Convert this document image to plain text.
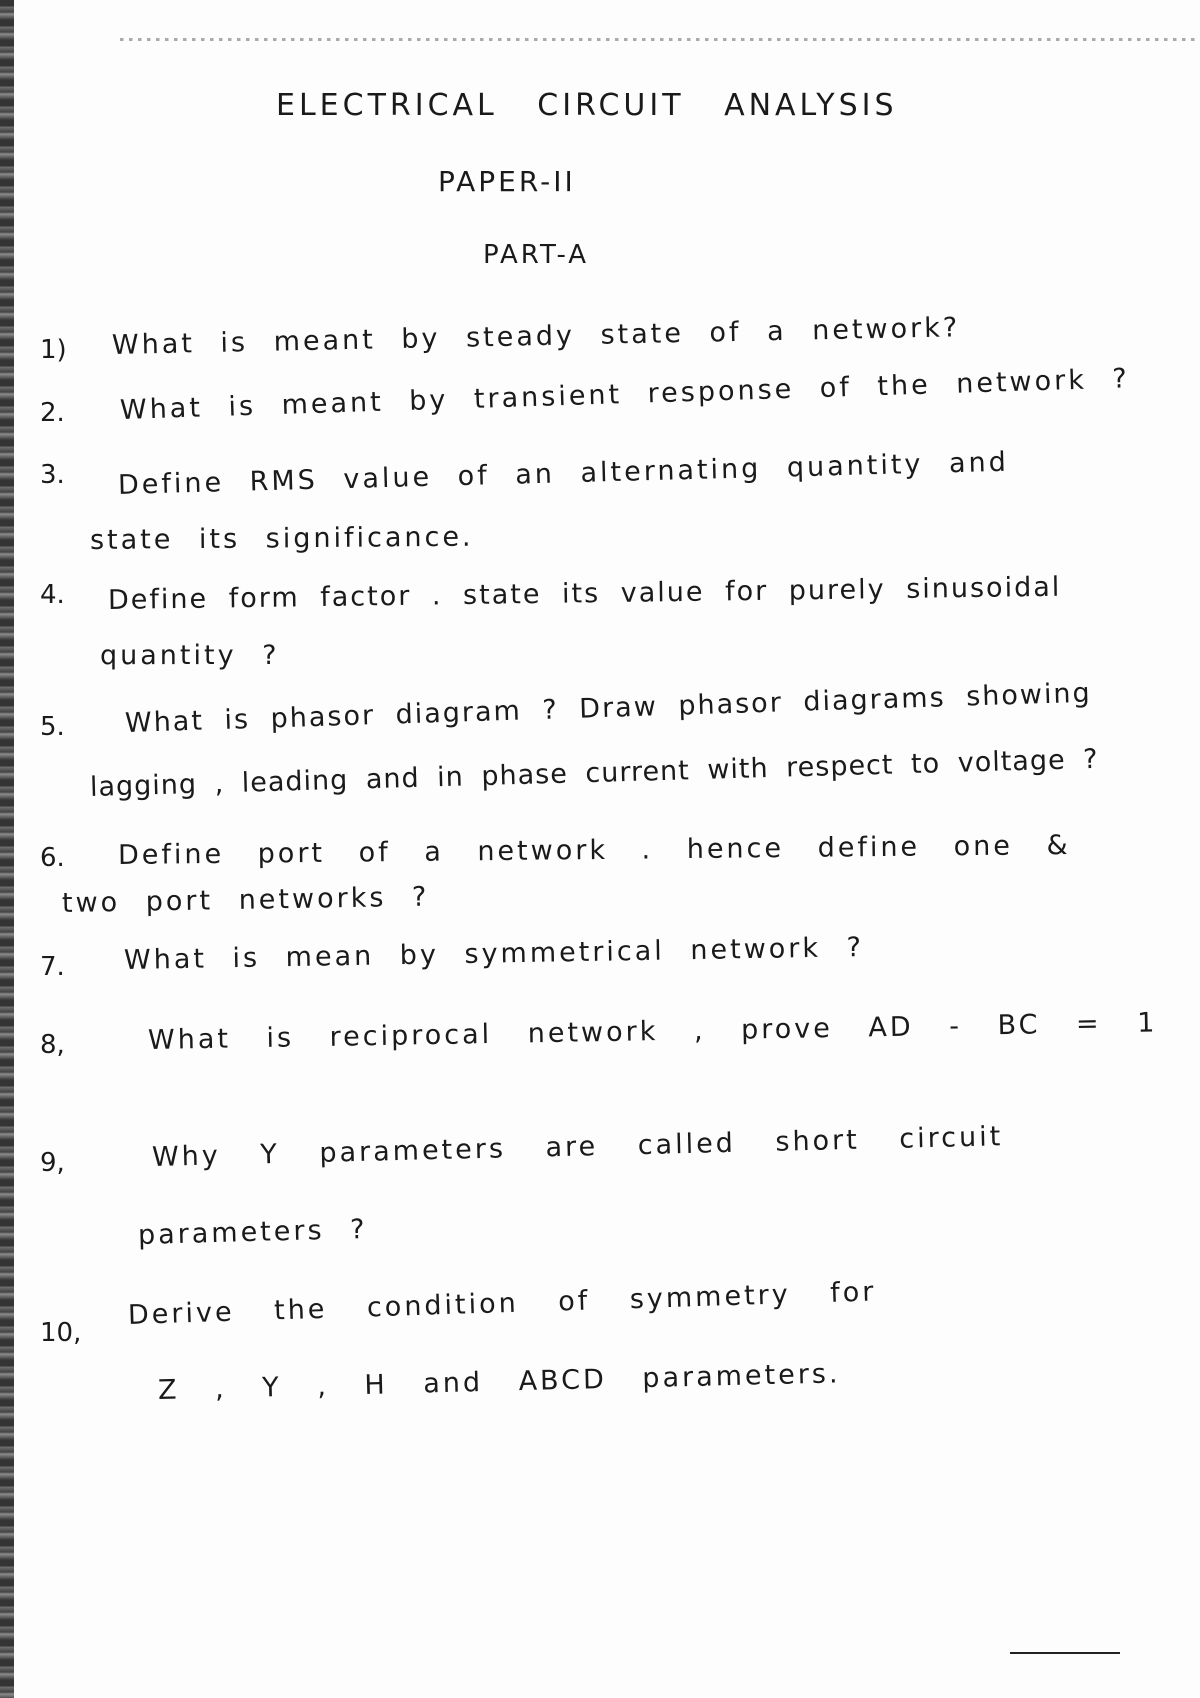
ELECTRICAL CIRCUIT ANALYSIS
PAPER-II
PART-A
1) What is meant by steady state of a network?
2. What is meant by transient response of the network ?
3. Define RMS value of an alternating quantity and
state its significance.
4. Define form factor . state its value for purely sinusoidal
quantity ?
5. What is phasor diagram ? Draw phasor diagrams showing
lagging , leading and in phase current with respect to voltage ?
6. Define port of a network . hence define one &
two port networks ?
7. What is mean by symmetrical network ?
8,	What is reciprocal network , prove AD - BC = 1
9,	Why Y parameters are called short circuit
parameters ?
10,
Derive the condition of symmetry for
Z , Y , H and ABCD parameters.
